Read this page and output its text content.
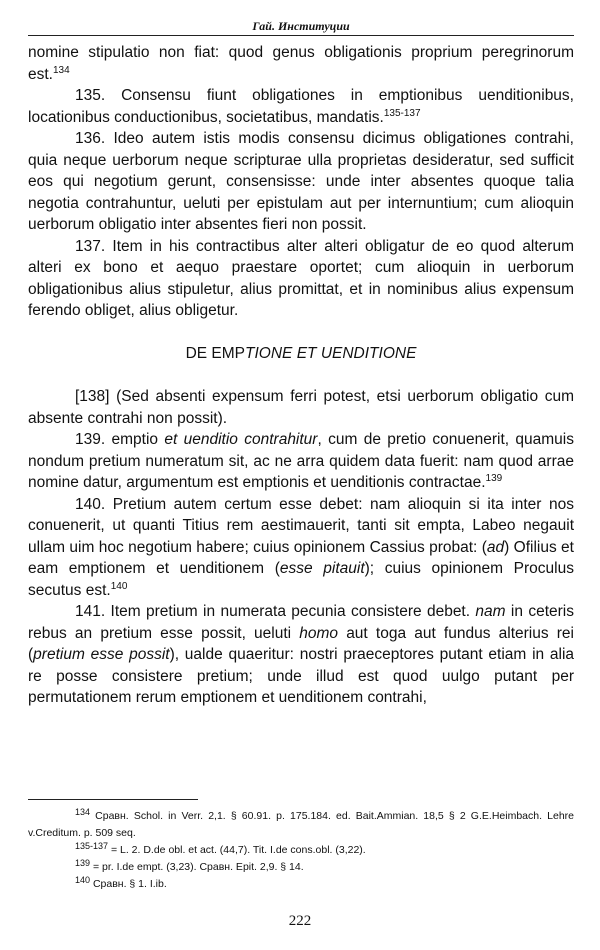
Гай. Институции

nomine stipulatio non fiat: quod genus obligationis proprium peregrinorum est.$^{134}$

135. Consensu fiunt obligationes in emptionibus uenditionibus, locationibus conductionibus, societatibus, mandatis.$^{135-137}$

136. Ideo autem istis modis consensu dicimus obligationes contrahi, quia neque uerborum neque scripturae ulla proprietas desideratur, sed sufficit eos qui negotium gerunt, consensisse: unde inter absentes quoque talia negotia contrahuntur, ueluti per epistulam aut per internuntium; cum alioquin uerborum obligatio inter absentes fieri non possit.

137. Item in his contractibus alter alteri obligatur de eo quod alterum alteri ex bono et aequo praestare oportet; cum alioquin in uerborum obligationibus alius stipuletur, alius promittat, et in nominibus alius expensum ferendo obliget, alius obligetur.

DE EMPTIONE ET UENDITIONE

[138] (Sed absenti expensum ferri potest, etsi uerborum obligatio cum absente contrahi non possit).

139. emptio et uenditio contrahitur, cum de pretio conuenerit, quamuis nondum pretium numeratum sit, ac ne arra quidem data fuerit: nam quod arrae nomine datur, argumentum est emptionis et uenditionis contractae.$^{139}$

140. Pretium autem certum esse debet: nam alioquin si ita inter nos conuenerit, ut quanti Titius rem aestimauerit, tanti sit empta, Labeo negauit ullam uim hoc negotium habere; cuius opinionem Cassius probat: (ad) Ofilius et eam emptionem et uenditionem (esse pitauit); cuius opinionem Proculus secutus est.$^{140}$

141. Item pretium in numerata pecunia consistere debet. nam in ceteris rebus an pretium esse possit, ueluti homo aut toga aut fundus alterius rei (pretium esse possit), ualde quaeritur: nostri praeceptores putant etiam in alia re posse consistere pretium; unde illud est quod uulgo putant per permutationem rerum emptionem et uenditionem contrahi,

$^{134}$ Сравн. Schol. in Verr. 2,1. § 60.91. p. 175.184. ed. Bait.Ammian. 18,5 § 2 G.E.Heimbach. Lehre v.Creditum. p. 509 seq.

$^{135-137}$ = L. 2. D.de obl. et act. (44,7). Tit. I.de cons.obl. (3,22).

$^{139}$ = pr. I.de empt. (3,23). Сравн. Epit. 2,9. § 14.

$^{140}$ Сравн. § 1. I.ib.

222
